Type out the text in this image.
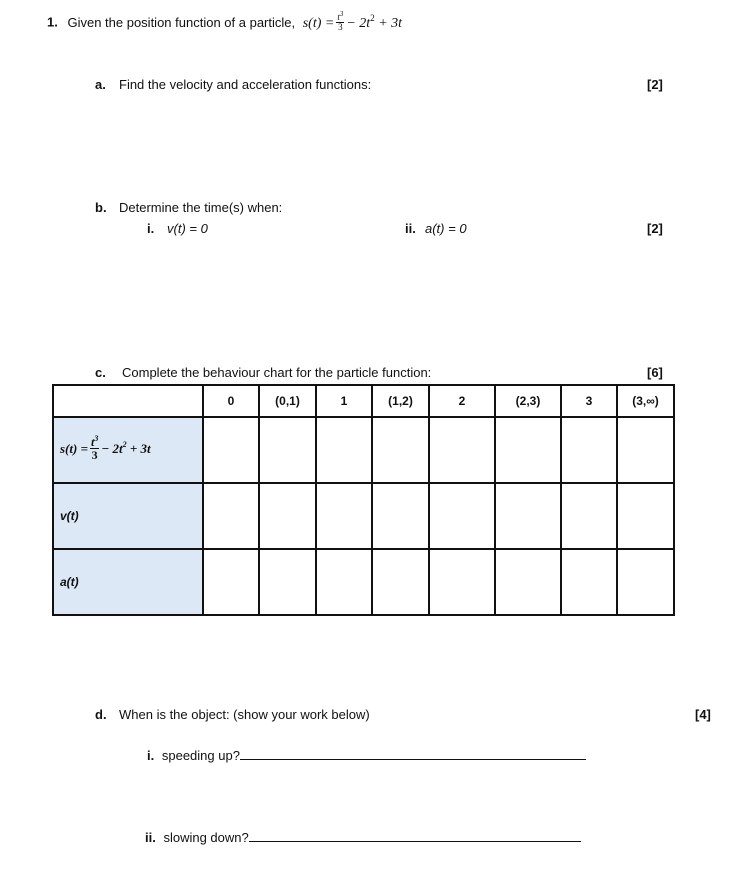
1. Given the position function of a particle, $s(t) = \frac{t^3}{3} - 2t^2 + 3t$
a. Find the velocity and acceleration functions:	[2]
b. Determine the time(s) when:
i. v(t) = 0	ii. a(t) = 0	[2]
c. Complete the behaviour chart for the particle function:	[6]
	0	(0,1)	1	(1,2)	2	(2,3)	3	(3,∞)
$s(t) = \frac{t^3}{3} - 2t^2 + 3t$								
v(t)								
a(t)								
d. When is the object: (show your work below)	[4]
i. speeding up?
ii. slowing down?
